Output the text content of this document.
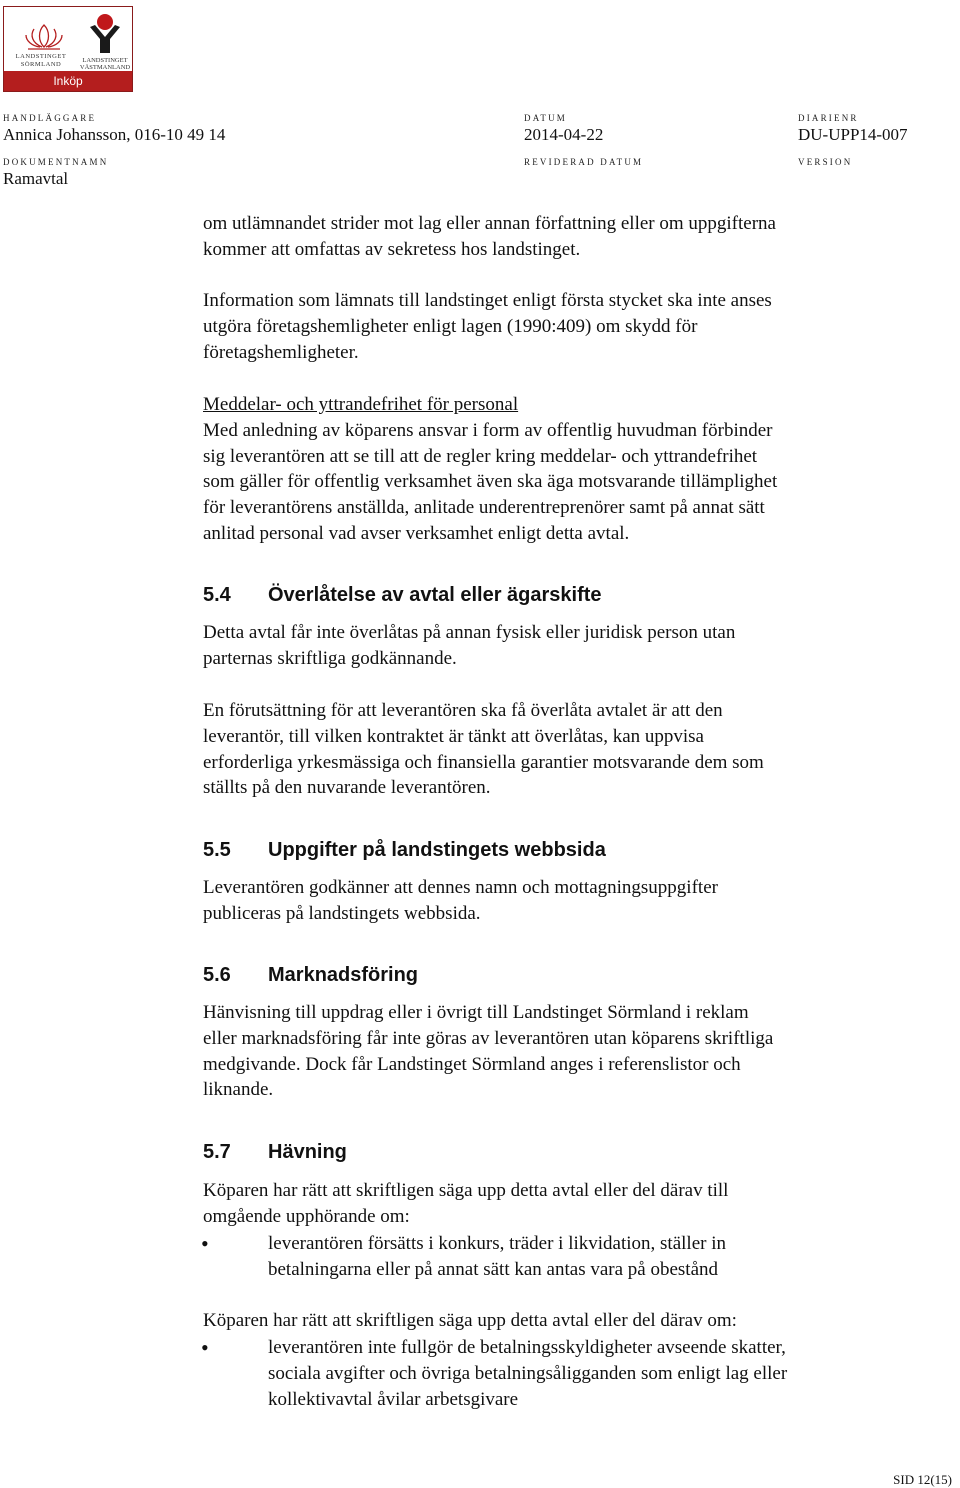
LANDSTINGET SÖRMLAND
LANDSTINGET VÄSTMANLAND
Inköp
HANDLÄGGARE
Annica Johansson, 016-10 49 14
DATUM
2014-04-22
DIARIENR
DU-UPP14-007
DOKUMENTNAMN
Ramavtal
REVIDERAD DATUM	VERSION
om utlämnandet strider mot lag eller annan författning eller om uppgifterna
kommer att omfattas av sekretess hos landstinget.
Information som lämnats till landstinget enligt första stycket ska inte anses
utgöra företagshemligheter enligt lagen (1990:409) om skydd för
företagshemligheter.
Meddelar- och yttrandefrihet för personal
Med anledning av köparens ansvar i form av offentlig huvudman förbinder
sig leverantören att se till att de regler kring meddelar- och yttrandefrihet
som gäller för offentlig verksamhet även ska äga motsvarande tillämplighet
för leverantörens anställda, anlitade underentreprenörer samt på annat sätt
anlitad personal vad avser verksamhet enligt detta avtal.
5.4 Överlåtelse av avtal eller ägarskifte
Detta avtal får inte överlåtas på annan fysisk eller juridisk person utan
parternas skriftliga godkännande.
En förutsättning för att leverantören ska få överlåta avtalet är att den
leverantör, till vilken kontraktet är tänkt att överlåtas, kan uppvisa
erforderliga yrkesmässiga och finansiella garantier motsvarande dem som
ställts på den nuvarande leverantören.
5.5 Uppgifter på landstingets webbsida
Leverantören godkänner att dennes namn och mottagningsuppgifter
publiceras på landstingets webbsida.
5.6 Marknadsföring
Hänvisning till uppdrag eller i övrigt till Landstinget Sörmland i reklam
eller marknadsföring får inte göras av leverantören utan köparens skriftliga
medgivande. Dock får Landstinget Sörmland anges i referenslistor och
liknande.
5.7 Hävning
Köparen har rätt att skriftligen säga upp detta avtal eller del därav till
omgående upphörande om:
•	leverantören försätts i konkurs, träder i likvidation, ställer in
betalningarna eller på annat sätt kan antas vara på obestånd
Köparen har rätt att skriftligen säga upp detta avtal eller del därav om:
•	leverantören inte fullgör de betalningsskyldigheter avseende skatter,
sociala avgifter och övriga betalningsåligganden som enligt lag eller
kollektivavtal åvilar arbetsgivare
SID 12(15)
